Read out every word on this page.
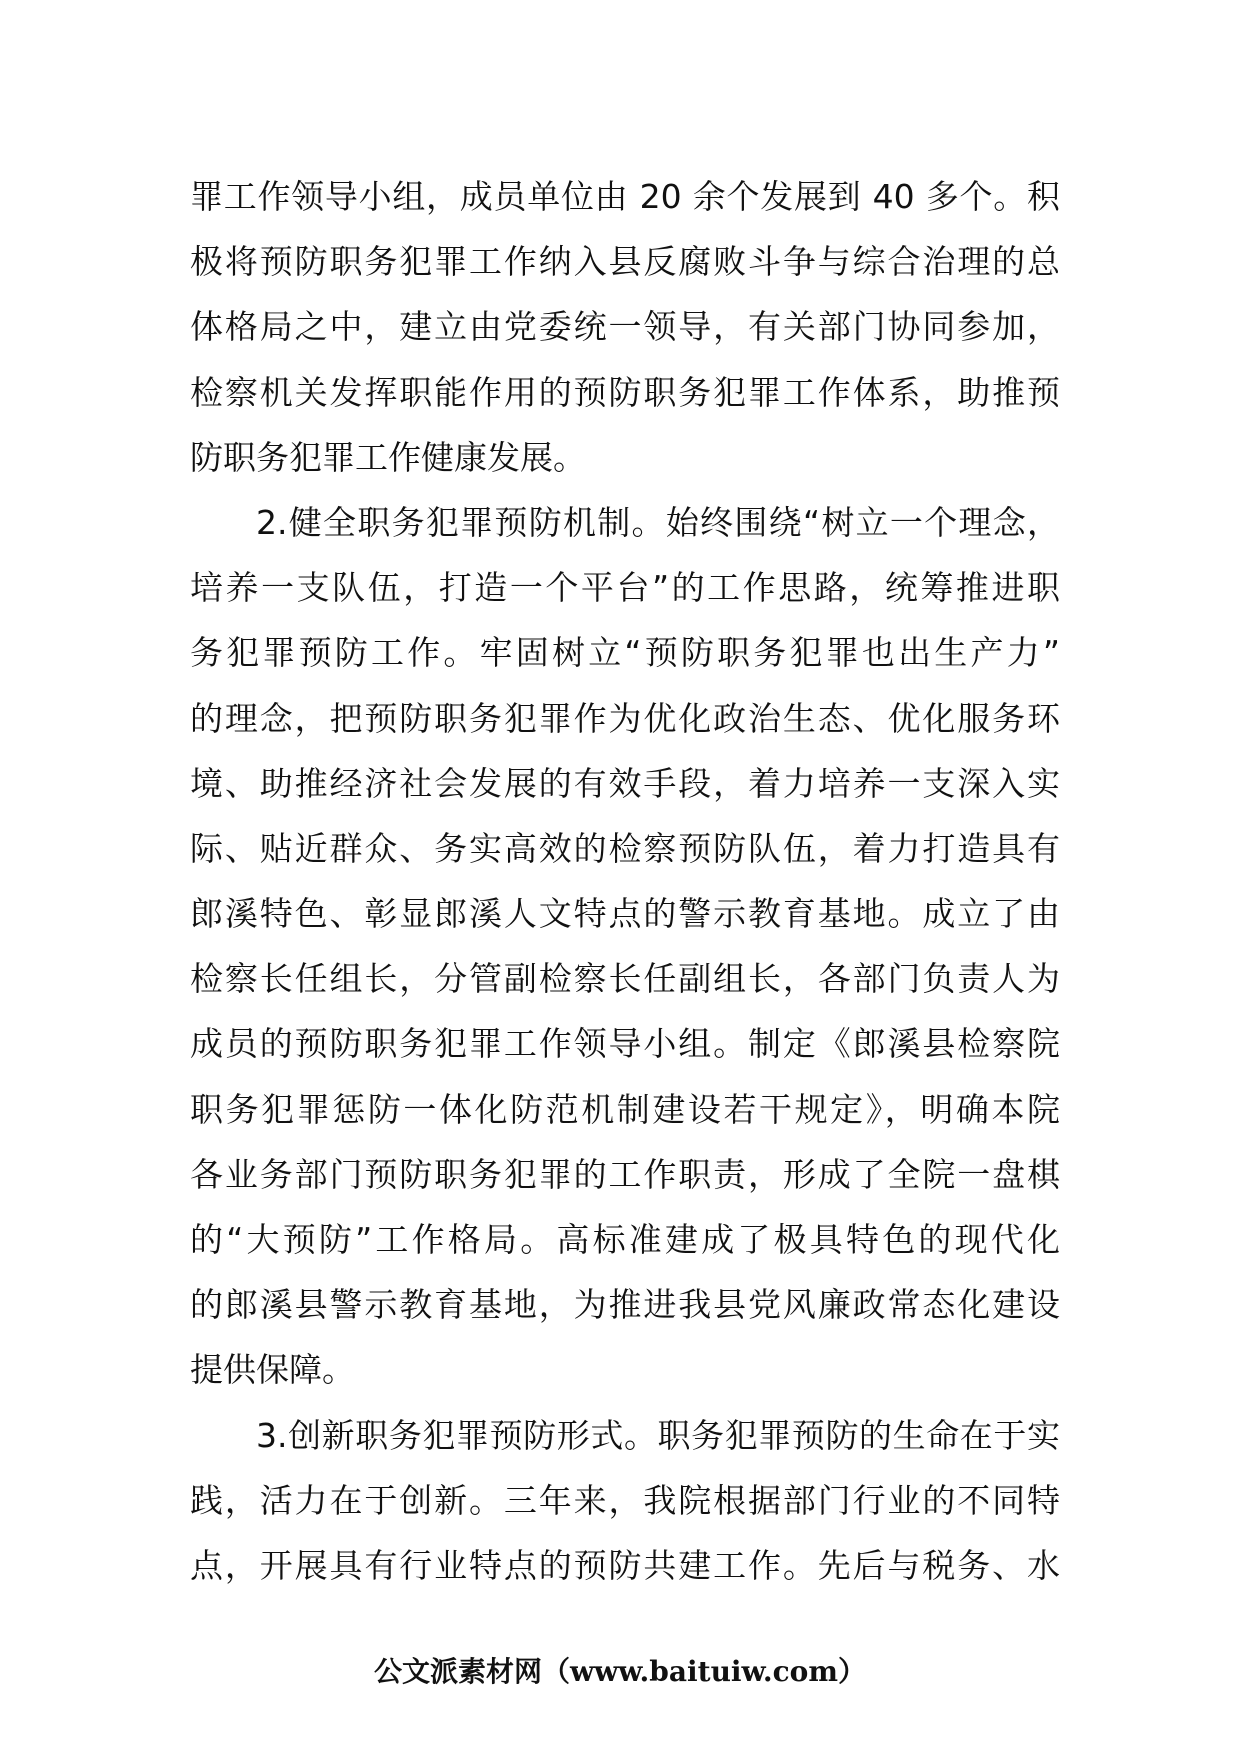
罪工作领导小组，成员单位由 20 余个发展到 40 多个。积
极将预防职务犯罪工作纳入县反腐败斗争与综合治理的总
体格局之中，建立由党委统一领导，有关部门协同参加，
检察机关发挥职能作用的预防职务犯罪工作体系，助推预
防职务犯罪工作健康发展。
2.健全职务犯罪预防机制。始终围绕“树立一个理念，
培养一支队伍，打造一个平台”的工作思路，统筹推进职
务犯罪预防工作。牢固树立“预防职务犯罪也出生产力”
的理念，把预防职务犯罪作为优化政治生态、优化服务环
境、助推经济社会发展的有效手段，着力培养一支深入实
际、贴近群众、务实高效的检察预防队伍，着力打造具有
郎溪特色、彰显郎溪人文特点的警示教育基地。成立了由
检察长任组长，分管副检察长任副组长，各部门负责人为
成员的预防职务犯罪工作领导小组。制定《郎溪县检察院
职务犯罪惩防一体化防范机制建设若干规定》，明确本院
各业务部门预防职务犯罪的工作职责，形成了全院一盘棋
的“大预防”工作格局。高标准建成了极具特色的现代化
的郎溪县警示教育基地，为推进我县党风廉政常态化建设
提供保障。
3.创新职务犯罪预防形式。职务犯罪预防的生命在于实
践，活力在于创新。三年来，我院根据部门行业的不同特
点，开展具有行业特点的预防共建工作。先后与税务、水
公文派素材网（www.baituiw.com）
